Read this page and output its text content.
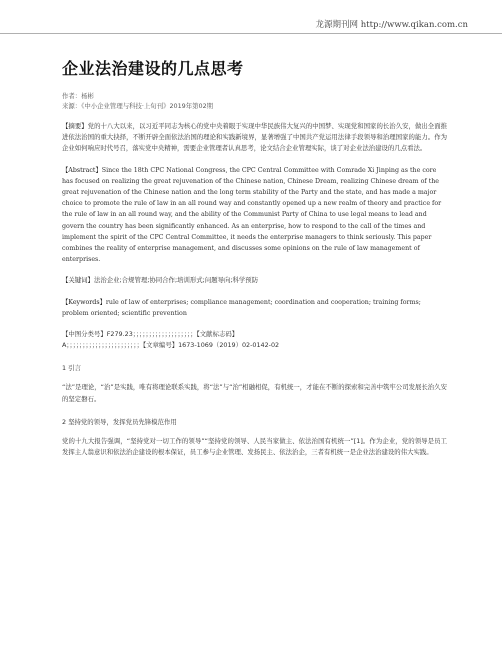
龙源期刊网 http://www.qikan.com.cn
企业法治建设的几点思考
作者：杨彬
来源：《中小企业管理与科技·上旬刊》2019年第02期
【摘要】党的十八大以来，以习近平同志为核心的党中央着眼于实现中华民族伟大复兴的中国梦、实现党和国家的长治久安，做出全面推进依法治国的重大抉择，不断开辟全面依法治国的理论和实践新境界，显著增强了中国共产党运用法律手段领导和治理国家的能力。作为企业如何响应时代号召，落实党中央精神，需要企业管理者认真思考，论文结合企业管理实际，谈了对企业法治建设的几点看法。
【Abstract】Since the 18th CPC National Congress, the CPC Central Committee with Comrade Xi Jinping as the core has focused on realizing the great rejuvenation of the Chinese nation, Chinese Dream, realizing Chinese dream of the great rejuvenation of the Chinese nation and the long term stability of the Party and the state, and has made a major choice to promote the rule of law in an all round way and constantly opened up a new realm of theory and practice for the rule of law in an all round way, and the ability of the Communist Party of China to use legal means to lead and govern the country has been significantly enhanced. As an enterprise, how to respond to the call of the times and implement the spirit of the CPC Central Committee, it needs the enterprise managers to think seriously. This paper combines the reality of enterprise management, and discusses some opinions on the rule of law management of enterprises.
【关键词】法治企业;合规管理;协同合作;培训形式;问题导向;科学预防
【Keywords】rule of law of enterprises; compliance management; coordination and cooperation; training forms; problem oriented; scientific prevention
【中图分类号】F279.23；；；；；；；；；；；；；；；；；；；【文献标志码】
A；；；；；；；；；；；；；；；；；；；；；；；【文章编号】1673-1069（2019）02-0142-02
1 引言
“法”是理论，“治”是实践，唯有将理论联系实践，将“法”与“治”相融相促，有机统一，才能在不断的探索和完善中筑牢公司发展长治久安的坚定磐石。
2 坚持党的领导，发挥党员先锋模范作用
党的十九大报告强调，“坚持党对一切工作的领导”“坚持党的领导、人民当家做主、依法治国有机统一”[1]。作为企业，党的领导是员工发挥主人翁意识和依法治企建设的根本保证，员工参与企业管理、发扬民主、依法治企，三者有机统一是企业法治建设的伟大实践。
